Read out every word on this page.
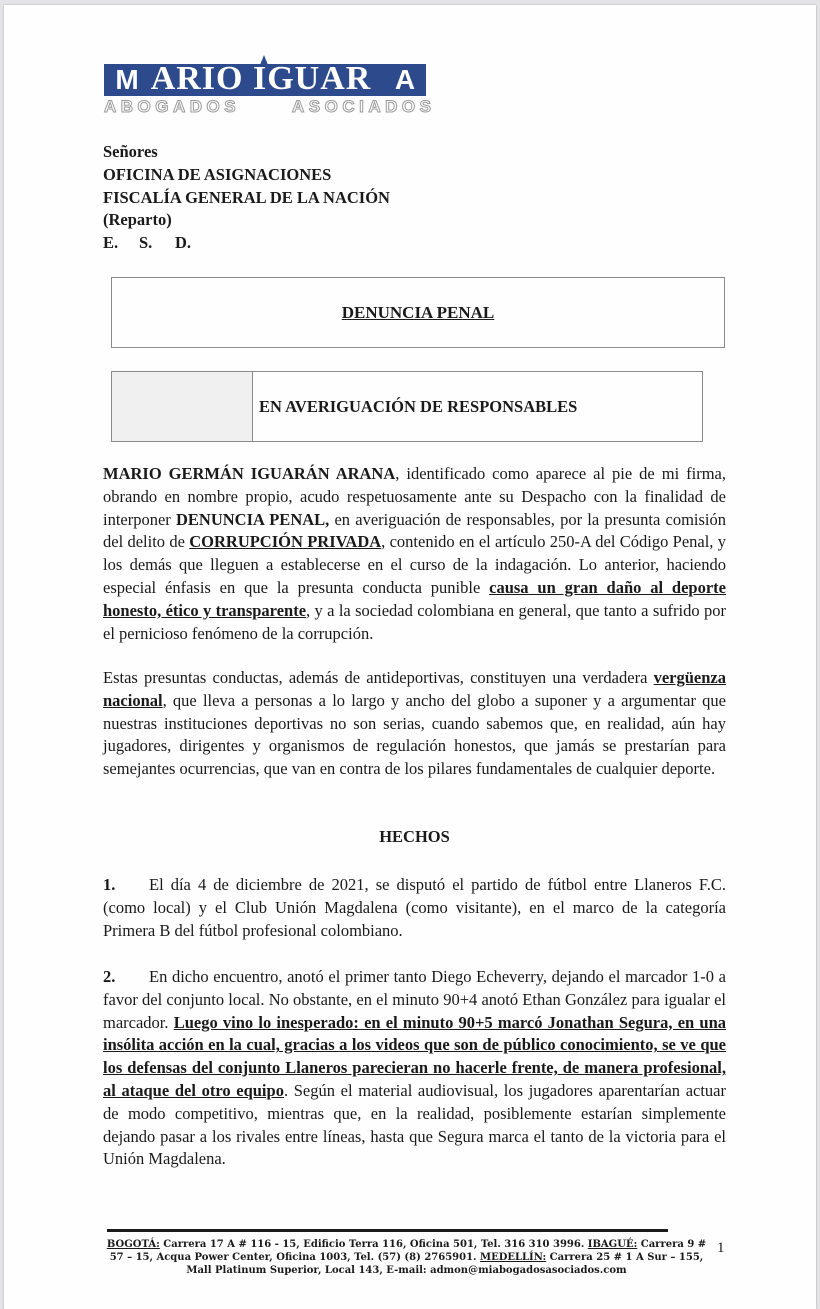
M ARIO IGUAR A
ABOGADOS	ASOCIADOS
Señores
OFICINA DE ASIGNACIONES
FISCALÍA GENERAL DE LA NACIÓN
(Reparto)
E. S. D.
DENUNCIA PENAL
EN AVERIGUACIÓN DE RESPONSABLES
MARIO GERMÁN IGUARÁN ARANA, identificado como aparece al pie de mi firma, obrando en nombre propio, acudo respetuosamente ante su Despacho con la finalidad de interponer DENUNCIA PENAL, en averiguación de responsables, por la presunta comisión del delito de CORRUPCIÓN PRIVADA, contenido en el artículo 250-A del Código Penal, y los demás que lleguen a establecerse en el curso de la indagación. Lo anterior, haciendo especial énfasis en que la presunta conducta punible causa un gran daño al deporte honesto, ético y transparente, y a la sociedad colombiana en general, que tanto a sufrido por el pernicioso fenómeno de la corrupción.
Estas presuntas conductas, además de antideportivas, constituyen una verdadera vergüenza nacional, que lleva a personas a lo largo y ancho del globo a suponer y a argumentar que nuestras instituciones deportivas no son serias, cuando sabemos que, en realidad, aún hay jugadores, dirigentes y organismos de regulación honestos, que jamás se prestarían para semejantes ocurrencias, que van en contra de los pilares fundamentales de cualquier deporte.
HECHOS
1. El día 4 de diciembre de 2021, se disputó el partido de fútbol entre Llaneros F.C. (como local) y el Club Unión Magdalena (como visitante), en el marco de la categoría Primera B del fútbol profesional colombiano.
2. En dicho encuentro, anotó el primer tanto Diego Echeverry, dejando el marcador 1-0 a favor del conjunto local. No obstante, en el minuto 90+4 anotó Ethan González para igualar el marcador. Luego vino lo inesperado: en el minuto 90+5 marcó Jonathan Segura, en una insólita acción en la cual, gracias a los videos que son de público conocimiento, se ve que los defensas del conjunto Llaneros parecieran no hacerle frente, de manera profesional, al ataque del otro equipo. Según el material audiovisual, los jugadores aparentarían actuar de modo competitivo, mientras que, en la realidad, posiblemente estarían simplemente dejando pasar a los rivales entre líneas, hasta que Segura marca el tanto de la victoria para el Unión Magdalena.
BOGOTÁ: Carrera 17 A # 116 - 15, Edificio Terra 116, Oficina 501, Tel. 316 310 3996. IBAGUÉ: Carrera 9 # 57 – 15, Acqua Power Center, Oficina 1003, Tel. (57) (8) 2765901. MEDELLÍN: Carrera 25 # 1 A Sur – 155, Mall Platinum Superior, Local 143, E-mail: admon@miabogadosasociados.com
1
